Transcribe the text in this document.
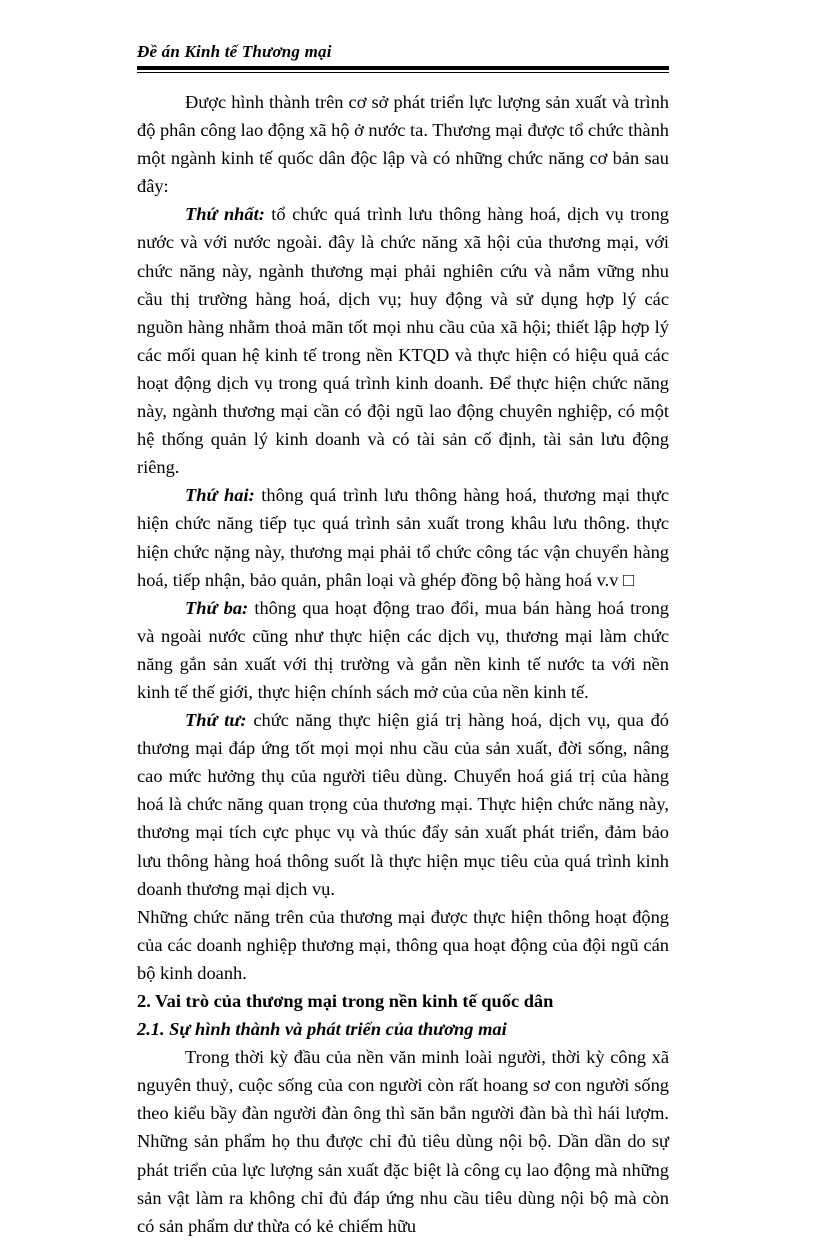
Đề án Kinh tế Thương mại

Được hình thành trên cơ sở phát triển lực lượng sản xuất và trình độ phân công lao động xã hộ ở nước ta. Thương mại được tổ chức thành một ngành kinh tế quốc dân độc lập và có những chức năng cơ bản sau đây:

Thứ nhất: tổ chức quá trình lưu thông hàng hoá, dịch vụ trong nước và với nước ngoài. đây là chức năng xã hội của thương mại, với chức năng này, ngành thương mại phải nghiên cứu và nắm vững nhu cầu thị trường hàng hoá, dịch vụ; huy động và sử dụng hợp lý các nguồn hàng nhằm thoả mãn tốt mọi nhu cầu của xã hội; thiết lập hợp lý các mối quan hệ kinh tế trong nền KTQD và thực hiện có hiệu quả các hoạt động dịch vụ trong quá trình kinh doanh. Để thực hiện chức năng này, ngành thương mại cần có đội ngũ lao động chuyên nghiệp, có một hệ thống quản lý kinh doanh và có tài sản cố định, tài sản lưu động riêng.

Thứ hai: thông quá trình lưu thông hàng hoá, thương mại thực hiện chức năng tiếp tục quá trình sản xuất trong khâu lưu thông. thực hiện chức nặng này, thương mại phải tổ chức công tác vận chuyển hàng hoá, tiếp nhận, bảo quản, phân loại và ghép đồng bộ hàng hoá v.v □

Thứ ba: thông qua hoạt động trao đổi, mua bán hàng hoá trong và ngoài nước cũng như thực hiện các dịch vụ, thương mại làm chức năng gắn sản xuất với thị trường và gắn nền kinh tế nước ta với nền kinh tế thế giới, thực hiện chính sách mở của của nền kinh tế.

Thứ tư: chức năng thực hiện giá trị hàng hoá, dịch vụ, qua đó thương mại đáp ứng tốt mọi mọi nhu cầu của sản xuất, đời sống, nâng cao mức hưởng thụ của người tiêu dùng. Chuyển hoá giá trị của hàng hoá là chức năng quan trọng của thương mại. Thực hiện chức năng này, thương mại tích cực phục vụ và thúc đẩy sản xuất phát triển, đảm bảo lưu thông hàng hoá thông suốt là thực hiện mục tiêu của quá trình kinh doanh thương mại dịch vụ.

Những chức năng trên của thương mại được thực hiện thông hoạt động của các doanh nghiệp thương mại, thông qua hoạt động của đội ngũ cán bộ kinh doanh.

2. Vai trò của thương mại trong nền kinh tế quốc dân

2.1. Sự hình thành và phát triển của thương mai

Trong thời kỳ đầu của nền văn minh loài người, thời kỳ công xã nguyên thuỷ, cuộc sống của con người còn rất hoang sơ con người sống theo kiểu bầy đàn người đàn ông thì săn bắn người đàn bà thì hái lượm. Những sản phẩm họ thu được chỉ đủ tiêu dùng nội bộ. Dần dần do sự phát triển của lực lượng sản xuất đặc biệt là công cụ lao động mà những sản vật làm ra không chỉ đủ đáp ứng nhu cầu tiêu dùng nội bộ mà còn có sản phẩm dư thừa có kẻ chiếm hữu
